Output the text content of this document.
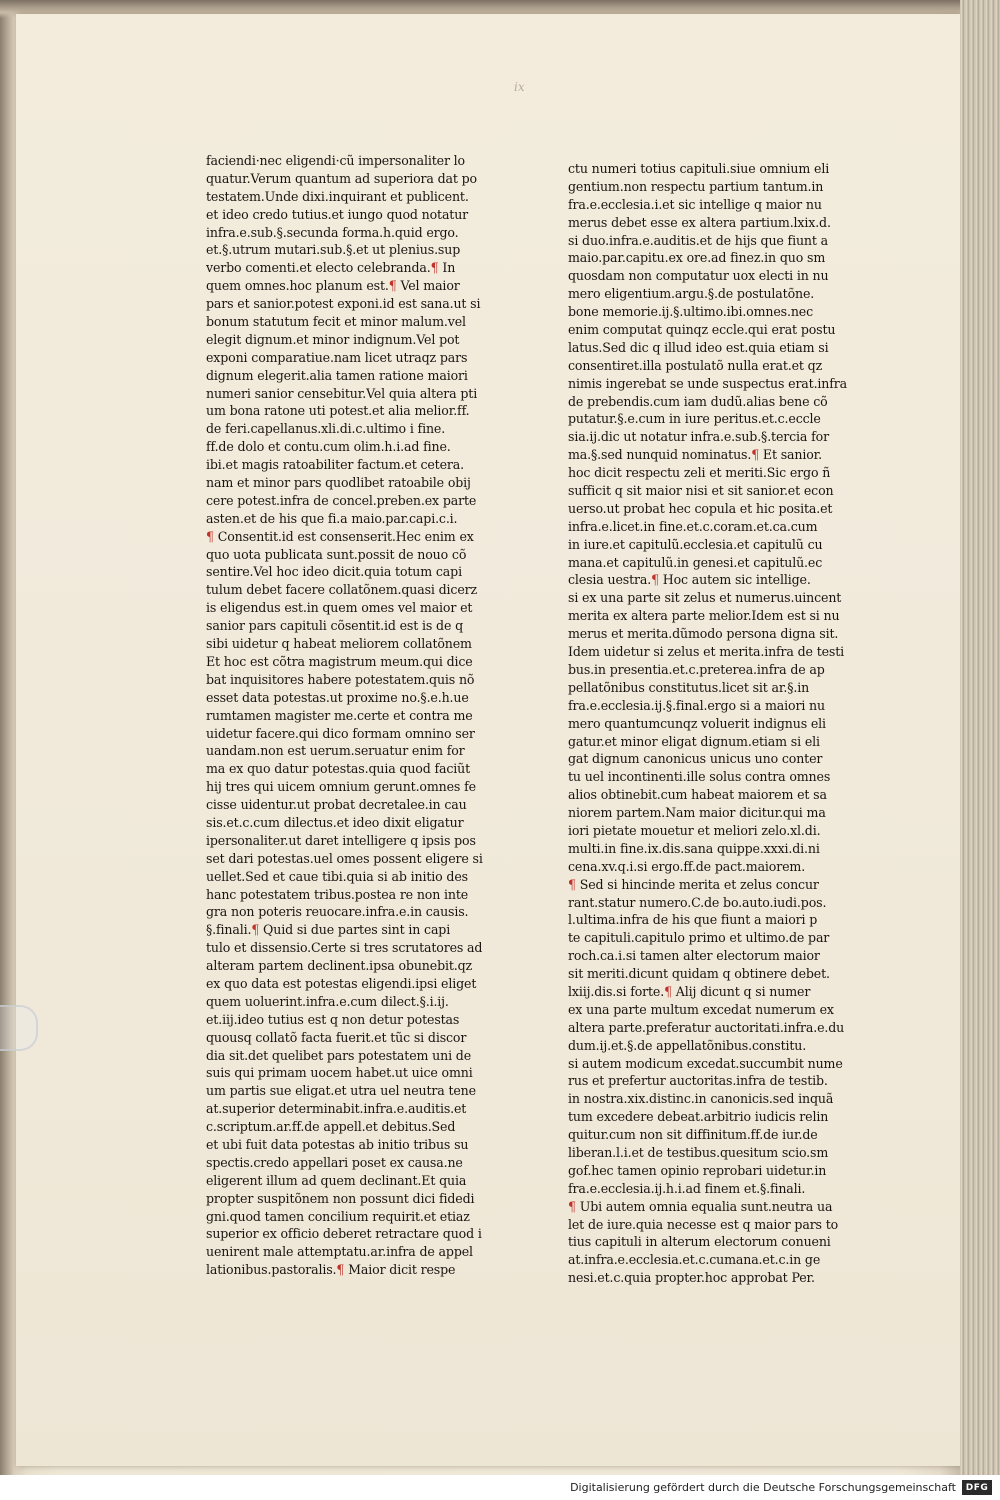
ix
faciendi·nec eligendi·cũ impersonaliter lo
quatur.Verum quantum ad superiora dat po
testatem.Unde dixi.inquirant et publicent.
et ideo credo tutius.et iungo quod notatur
infra.e.sub.§.secunda forma.h.quid ergo.
et.§.utrum mutari.sub.§.et ut plenius.sup
verbo comenti.et electo celebranda.¶ In
quem omnes.hoc planum est.¶ Vel maior
pars et sanior.potest exponi.id est sana.ut si
bonum statutum fecit et minor malum.vel
elegit dignum.et minor indignum.Vel pot
exponi comparatiue.nam licet utraqz pars
dignum elegerit.alia tamen ratione maiori
numeri sanior censebitur.Vel quia altera pti
um bona ratone uti potest.et alia melior.ff.
de feri.capellanus.xli.di.c.ultimo i fine.
ff.de dolo et contu.cum olim.h.i.ad fine.
ibi.et magis ratoabiliter factum.et cetera.
nam et minor pars quodlibet ratoabile obij
cere potest.infra de concel.preben.ex parte
asten.et de his que fi.a maio.par.capi.c.i.
¶ Consentit.id est consenserit.Hec enim ex
quo uota publicata sunt.possit de nouo cõ
sentire.Vel hoc ideo dicit.quia totum capi
tulum debet facere collatõnem.quasi dicerz
is eligendus est.in quem omes vel maior et
sanior pars capituli cõsentit.id est is de q
sibi uidetur q habeat meliorem collatõnem
Et hoc est cõtra magistrum meum.qui dice
bat inquisitores habere potestatem.quis nõ
esset data potestas.ut proxime no.§.e.h.ue
rumtamen magister me.certe et contra me
uidetur facere.qui dico formam omnino ser
uandam.non est uerum.seruatur enim for
ma ex quo datur potestas.quia quod faciũt
hij tres qui uicem omnium gerunt.omnes fe
cisse uidentur.ut probat decretalee.in cau
sis.et.c.cum dilectus.et ideo dixit eligatur
ipersonaliter.ut daret intelligere q ipsis pos
set dari potestas.uel omes possent eligere si
uellet.Sed et caue tibi.quia si ab initio des
hanc potestatem tribus.postea re non inte
gra non poteris reuocare.infra.e.in causis.
§.finali.¶ Quid si due partes sint in capi
tulo et dissensio.Certe si tres scrutatores ad
alteram partem declinent.ipsa obunebit.qz
ex quo data est potestas eligendi.ipsi eliget
quem uoluerint.infra.e.cum dilect.§.i.ij.
et.iij.ideo tutius est q non detur potestas
quousq collatõ facta fuerit.et tũc si discor
dia sit.det quelibet pars potestatem uni de
suis qui primam uocem habet.ut uice omni
um partis sue eligat.et utra uel neutra tene
at.superior determinabit.infra.e.auditis.et
c.scriptum.ar.ff.de appell.et debitus.Sed
et ubi fuit data potestas ab initio tribus su
spectis.credo appellari poset ex causa.ne
eligerent illum ad quem declinant.Et quia
propter suspitõnem non possunt dici fidedi
gni.quod tamen concilium requirit.et etiaz
superior ex officio deberet retractare quod i
uenirent male attemptatu.ar.infra de appel
lationibus.pastoralis.¶ Maior dicit respe
ctu numeri totius capituli.siue omnium eli
gentium.non respectu partium tantum.in
fra.e.ecclesia.i.et sic intellige q maior nu
merus debet esse ex altera partium.lxix.d.
si duo.infra.e.auditis.et de hijs que fiunt a
maio.par.capitu.ex ore.ad finez.in quo sm
quosdam non computatur uox electi in nu
mero eligentium.argu.§.de postulatõne.
bone memorie.ij.§.ultimo.ibi.omnes.nec
enim computat quinqz eccle.qui erat postu
latus.Sed dic q illud ideo est.quia etiam si
consentiret.illa postulatõ nulla erat.et qz
nimis ingerebat se unde suspectus erat.infra
de prebendis.cum iam dudũ.alias bene cõ
putatur.§.e.cum in iure peritus.et.c.eccle
sia.ij.dic ut notatur infra.e.sub.§.tercia for
ma.§.sed nunquid nominatus.¶ Et sanior.
hoc dicit respectu zeli et meriti.Sic ergo ñ
sufficit q sit maior nisi et sit sanior.et econ
uerso.ut probat hec copula et hic posita.et
infra.e.licet.in fine.et.c.coram.et.ca.cum
in iure.et capitulũ.ecclesia.et capitulũ cu
mana.et capitulũ.in genesi.et capitulũ.ec
clesia uestra.¶ Hoc autem sic intellige.
si ex una parte sit zelus et numerus.uincent
merita ex altera parte melior.Idem est si nu
merus et merita.dũmodo persona digna sit.
Idem uidetur si zelus et merita.infra de testi
bus.in presentia.et.c.preterea.infra de ap
pellatõnibus constitutus.licet sit ar.§.in
fra.e.ecclesia.ij.§.final.ergo si a maiori nu
mero quantumcunqz voluerit indignus eli
gatur.et minor eligat dignum.etiam si eli
gat dignum canonicus unicus uno conter
tu uel incontinenti.ille solus contra omnes
alios obtinebit.cum habeat maiorem et sa
niorem partem.Nam maior dicitur.qui ma
iori pietate mouetur et meliori zelo.xl.di.
multi.in fine.ix.dis.sana quippe.xxxi.di.ni
cena.xv.q.i.si ergo.ff.de pact.maiorem.
¶ Sed si hincinde merita et zelus concur
rant.statur numero.C.de bo.auto.iudi.pos.
l.ultima.infra de his que fiunt a maiori p
te capituli.capitulo primo et ultimo.de par
roch.ca.i.si tamen alter electorum maior
sit meriti.dicunt quidam q obtinere debet.
lxiij.dis.si forte.¶ Alij dicunt q si numer
ex una parte multum excedat numerum ex
altera parte.preferatur auctoritati.infra.e.du
dum.ij.et.§.de appellatõnibus.constitu.
si autem modicum excedat.succumbit nume
rus et prefertur auctoritas.infra de testib.
in nostra.xix.distinc.in canonicis.sed inquã
tum excedere debeat.arbitrio iudicis relin
quitur.cum non sit diffinitum.ff.de iur.de
liberan.l.i.et de testibus.quesitum scio.sm
gof.hec tamen opinio reprobari uidetur.in
fra.e.ecclesia.ij.h.i.ad finem et.§.finali.
¶ Ubi autem omnia equalia sunt.neutra ua
let de iure.quia necesse est q maior pars to
tius capituli in alterum electorum conueni
at.infra.e.ecclesia.et.c.cumana.et.c.in ge
nesi.et.c.quia propter.hoc approbat Per.
Digitalisierung gefördert durch die Deutsche Forschungsgemeinschaft	DFG
